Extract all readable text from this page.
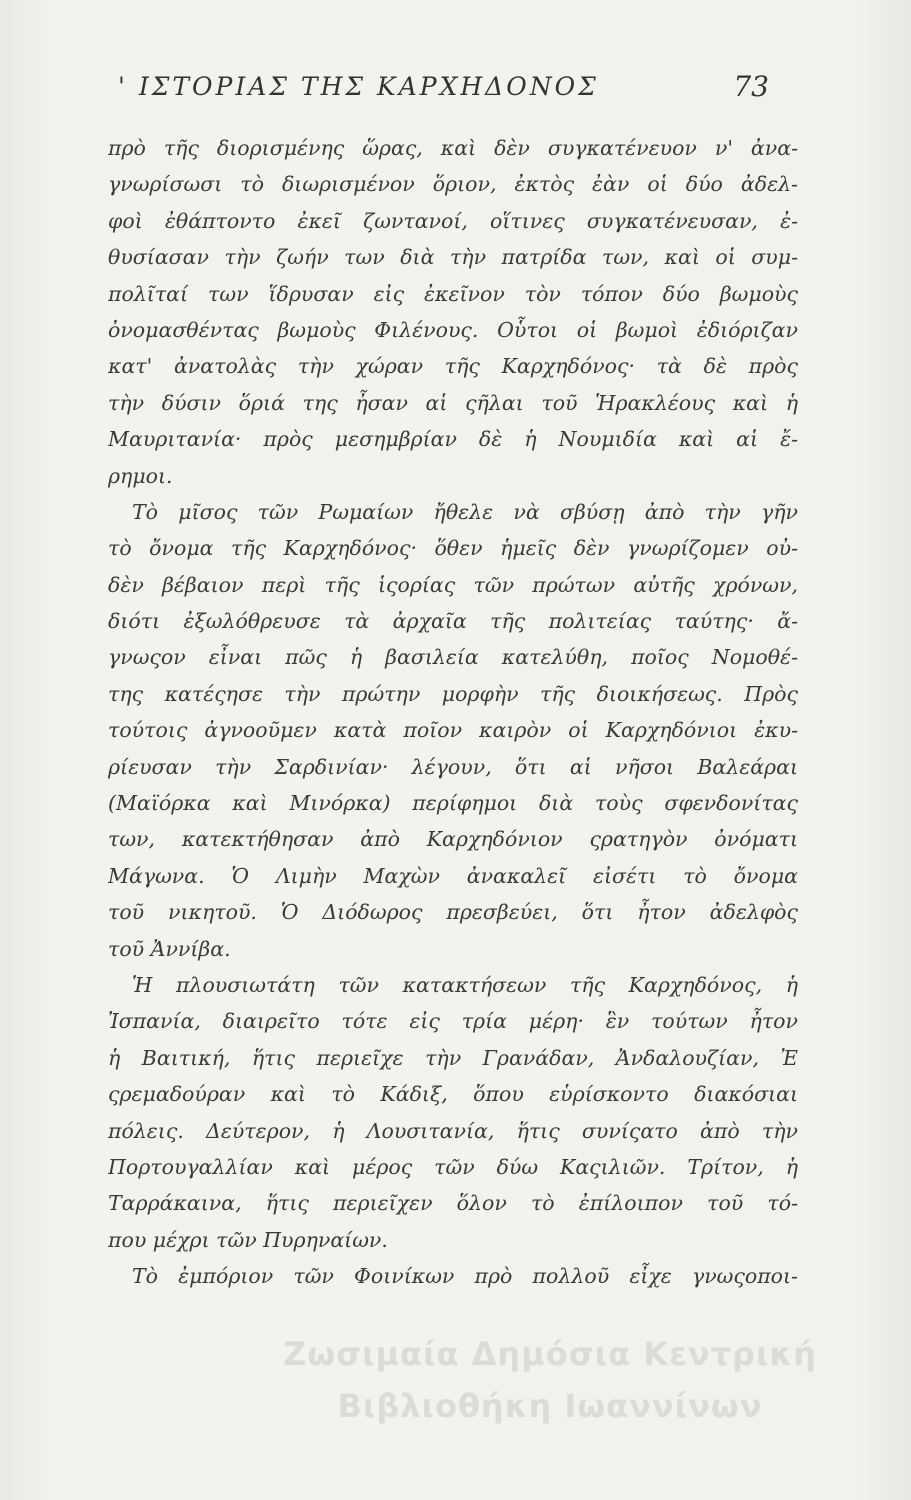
' ΙΣΤΟΡΙΑΣ ΤΗΣ ΚΑΡΧΗΔΟΝΟΣ	73
πρὸ τῆς διορισμένης ὥρας, καὶ δὲν συγκατένευον ν' ἀνα-
γνωρίσωσι τὸ διωρισμένον ὅριον, ἐκτὸς ἐὰν οἱ δύο ἀδελ-
φοὶ ἐθάπτοντο ἐκεῖ ζωντανοί, οἵτινες συγκατένευσαν, ἐ-
θυσίασαν τὴν ζωήν των διὰ τὴν πατρίδα των, καὶ οἱ συμ-
πολῖταί των ἵδρυσαν εἰς ἐκεῖνον τὸν τόπον δύο βωμοὺς
ὀνομασθέντας βωμοὺς Φιλένους. Οὗτοι οἱ βωμοὶ ἐδιόριζαν
κατ' ἀνατολὰς τὴν χώραν τῆς Καρχηδόνος· τὰ δὲ πρὸς
τὴν δύσιν ὅριά της ἦσαν αἱ ςῆλαι τοῦ Ἡρακλέους καὶ ἡ
Μαυριτανία· πρὸς μεσημβρίαν δὲ ἡ Νουμιδία καὶ αἱ ἔ-
ρημοι.
Τὸ μῖσος τῶν Ρωμαίων ἤθελε νὰ σβύσῃ ἀπὸ τὴν γῆν
τὸ ὄνομα τῆς Καρχηδόνος· ὅθεν ἡμεῖς δὲν γνωρίζομεν οὐ-
δὲν βέβαιον περὶ τῆς ἱςορίας τῶν πρώτων αὐτῆς χρόνων,
διότι ἐξωλόθρευσε τὰ ἀρχαῖα τῆς πολιτείας ταύτης· ἄ-
γνωςον εἶναι πῶς ἡ βασιλεία κατελύθη, ποῖος Νομοθέ-
της κατέςησε τὴν πρώτην μορφὴν τῆς διοικήσεως. Πρὸς
τούτοις ἀγνοοῦμεν κατὰ ποῖον καιρὸν οἱ Καρχηδόνιοι ἐκυ-
ρίευσαν τὴν Σαρδινίαν· λέγουν, ὅτι αἱ νῆσοι Βαλεάραι
(Μαϊόρκα καὶ Μινόρκα) περίφημοι διὰ τοὺς σφενδονίτας
των, κατεκτήθησαν ἀπὸ Καρχηδόνιον ςρατηγὸν ὀνόματι
Μάγωνα. Ὁ Λιμὴν Μαχὼν ἀνακαλεῖ εἰσέτι τὸ ὄνομα
τοῦ νικητοῦ. Ὁ Διόδωρος πρεσβεύει, ὅτι ἦτον ἀδελφὸς
τοῦ Ἀννίβα.
Ἡ πλουσιωτάτη τῶν κατακτήσεων τῆς Καρχηδόνος, ἡ
Ἰσπανία, διαιρεῖτο τότε εἰς τρία μέρη· ἓν τούτων ἦτον
ἡ Βαιτική, ἥτις περιεῖχε τὴν Γρανάδαν, Ἀνδαλουζίαν, Ἐ
ςρεμαδούραν καὶ τὸ Κάδιξ, ὅπου εὑρίσκοντο διακόσιαι
πόλεις. Δεύτερον, ἡ Λουσιτανία, ἥτις συνίςατο ἀπὸ τὴν
Πορτουγαλλίαν καὶ μέρος τῶν δύω Καςιλιῶν. Τρίτον, ἡ
Ταρράκαινα, ἥτις περιεῖχεν ὅλον τὸ ἐπίλοιπον τοῦ τό-
που μέχρι τῶν Πυρηναίων.
Τὸ ἐμπόριον τῶν Φοινίκων πρὸ πολλοῦ εἶχε γνωςοποι-
Ζωσιμαία Δημόσια Κεντρική
Βιβλιοθήκη Ιωαννίνων
